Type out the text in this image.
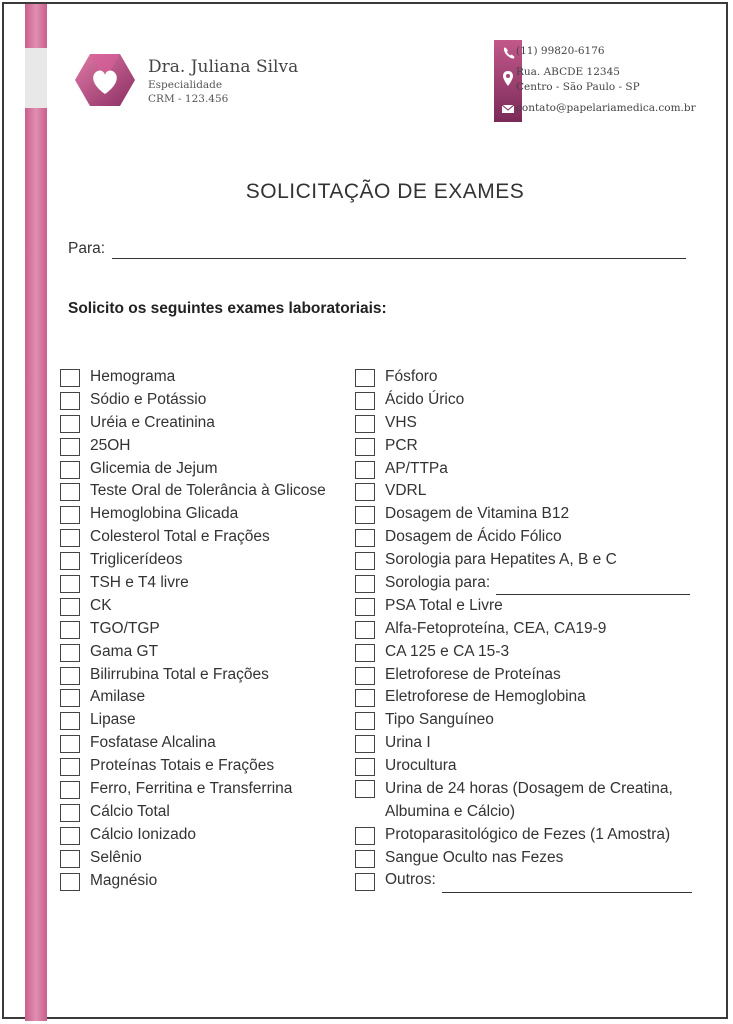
Dra. Juliana Silva
Especialidade
CRM - 123.456
(11) 99820-6176
Rua. ABCDE 12345
Centro - São Paulo - SP
contato@papelariamedica.com.br
SOLICITAÇÃO DE EXAMES
Para:
Solicito os seguintes exames laboratoriais:
Hemograma
Sódio e Potássio
Uréia e Creatinina
25OH
Glicemia de Jejum
Teste Oral de Tolerância à Glicose
Hemoglobina Glicada
Colesterol Total e Frações
Triglicerídeos
TSH e T4 livre
CK
TGO/TGP
Gama GT
Bilirrubina Total e Frações
Amilase
Lipase
Fosfatase Alcalina
Proteínas Totais e Frações
Ferro, Ferritina e Transferrina
Cálcio Total
Cálcio Ionizado
Selênio
Magnésio
Fósforo
Ácido Úrico
VHS
PCR
AP/TTPa
VDRL
Dosagem de Vitamina B12
Dosagem de Ácido Fólico
Sorologia para Hepatites A, B e C
Sorologia para:
PSA Total e Livre
Alfa-Fetoproteína, CEA, CA19-9
CA 125 e CA 15-3
Eletroforese de Proteínas
Eletroforese de Hemoglobina
Tipo Sanguíneo
Urina I
Urocultura
Urina de 24 horas (Dosagem de Creatina,
Albumina e Cálcio)
Protoparasitológico de Fezes (1 Amostra)
Sangue Oculto nas Fezes
Outros:
